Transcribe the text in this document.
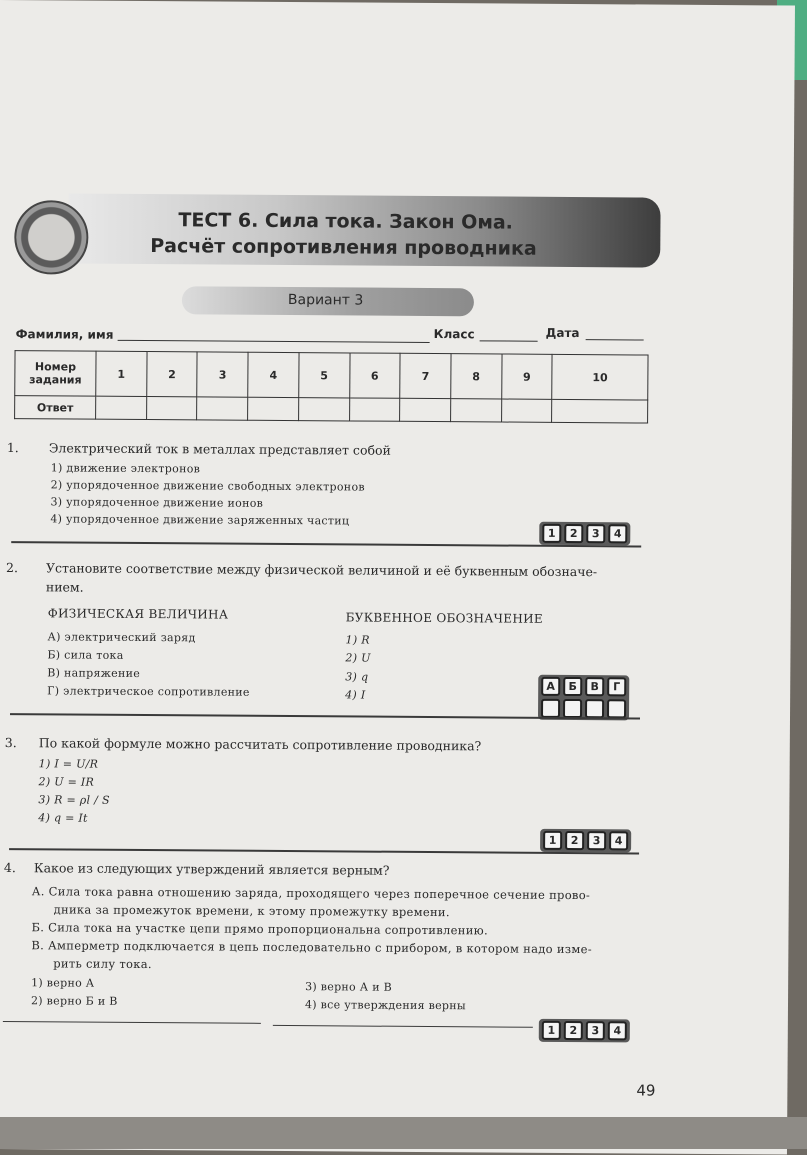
ТЕСТ 6. Сила тока. Закон Ома.
Расчёт сопротивления проводника
Вариант 3
Фамилия, имя	Класс	Дата
Номер задания	1	2	3	4	5	6	7	8	9	10
Ответ										
1. Электрический ток в металлах представляет собой
1) движение электронов
2) упорядоченное движение свободных электронов
3) упорядоченное движение ионов
4) упорядоченное движение заряженных частиц
1	2	3	4
2. Установите соответствие между физической величиной и её буквенным обозначе-
нием.
ФИЗИЧЕСКАЯ ВЕЛИЧИНА	БУКВЕННОЕ ОБОЗНАЧЕНИЕ
А) электрический заряд
Б) сила тока
В) напряжение
Г) электрическое сопротивление
1) R
2) U
3) q
4) I
А	Б	В	Г
3. По какой формуле можно рассчитать сопротивление проводника?
1) I = U/R
2) U = IR
3) R = ρl / S
4) q = It
1	2	3	4
4. Какое из следующих утверждений является верным?
А. Сила тока равна отношению заряда, проходящего через поперечное сечение прово-
дника за промежуток времени, к этому промежутку времени.
Б. Сила тока на участке цепи прямо пропорциональна сопротивлению.
В. Амперметр подключается в цепь последовательно с прибором, в котором надо изме-
рить силу тока.
1) верно А
2) верно Б и В
3) верно А и В
4) все утверждения верны
1	2	3	4
49
